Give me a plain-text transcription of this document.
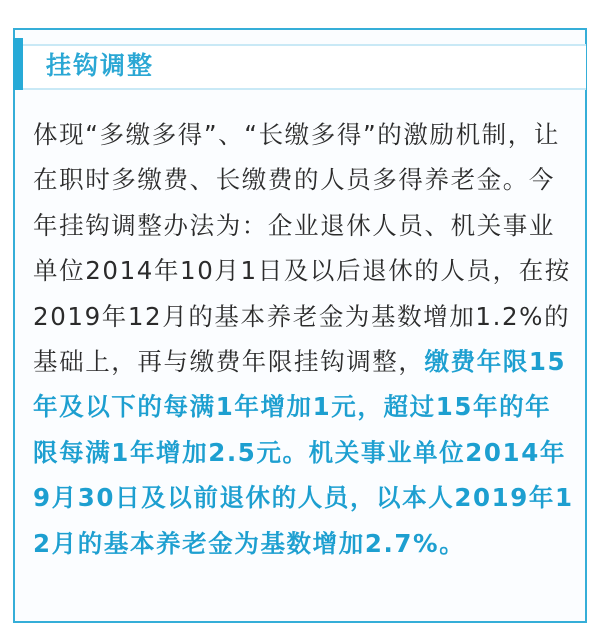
挂钩调整
体现“多缴多得”、“长缴多得”的激励机制，让在职时多缴费、长缴费的人员多得养老金。今年挂钩调整办法为：企业退休人员、机关事业单位2014年10月1日及以后退休的人员，在按2019年12月的基本养老金为基数增加1.2%的基础上，再与缴费年限挂钩调整，缴费年限15年及以下的每满1年增加1元，超过15年的年限每满1年增加2.5元。机关事业单位2014年9月30日及以前退休的人员，以本人2019年12月的基本养老金为基数增加2.7%。
